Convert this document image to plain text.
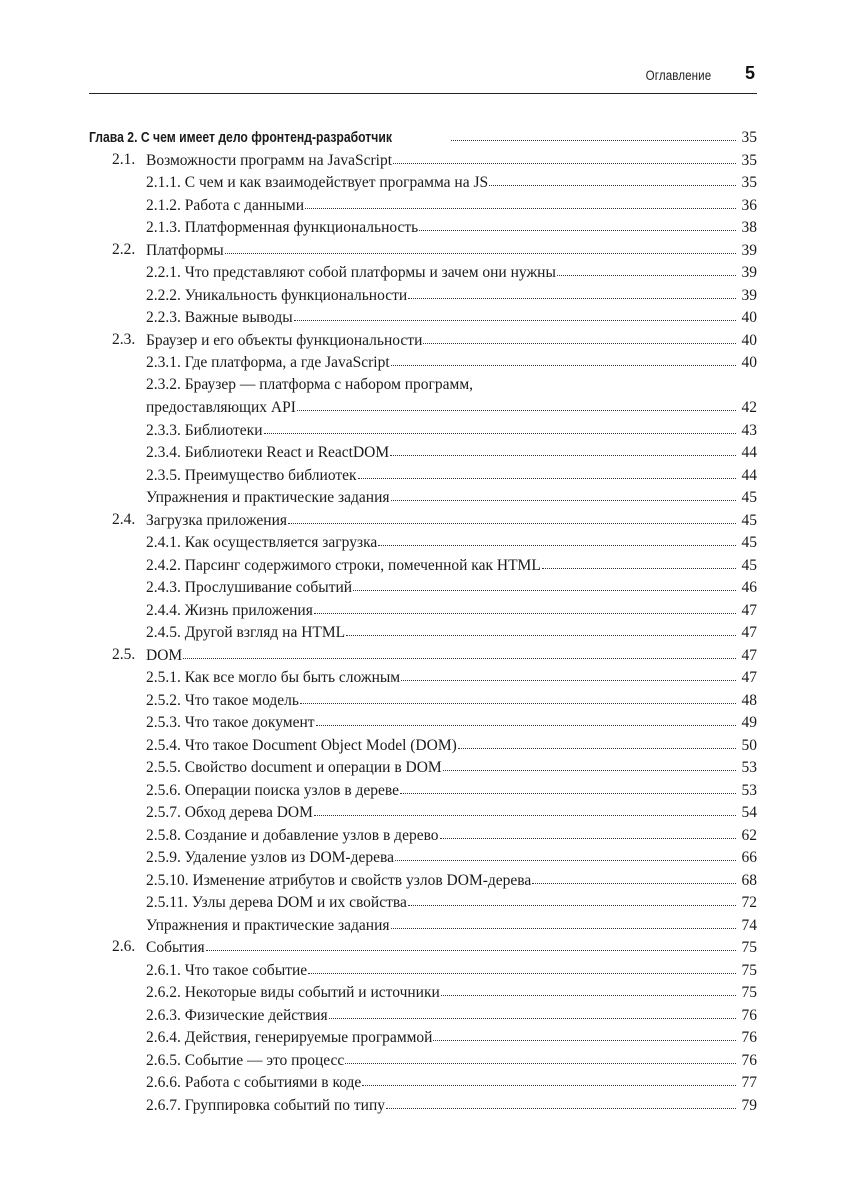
Оглавление 5
Глава 2. С чем имеет дело фронтенд-разработчик	35
2.1. Возможности программ на JavaScript	35
2.1.1. С чем и как взаимодействует программа на JS	35
2.1.2. Работа с данными	36
2.1.3. Платформенная функциональность	38
2.2. Платформы	39
2.2.1. Что представляют собой платформы и зачем они нужны	39
2.2.2. Уникальность функциональности	39
2.2.3. Важные выводы	40
2.3. Браузер и его объекты функциональности	40
2.3.1. Где платформа, а где JavaScript	40
2.3.2. Браузер — платформа с набором программ,
предоставляющих API	42
2.3.3. Библиотеки	43
2.3.4. Библиотеки React и ReactDOM	44
2.3.5. Преимущество библиотек	44
Упражнения и практические задания	45
2.4. Загрузка приложения	45
2.4.1. Как осуществляется загрузка	45
2.4.2. Парсинг содержимого строки, помеченной как HTML	45
2.4.3. Прослушивание событий	46
2.4.4. Жизнь приложения	47
2.4.5. Другой взгляд на HTML	47
2.5. DOM	47
2.5.1. Как все могло бы быть сложным	47
2.5.2. Что такое модель	48
2.5.3. Что такое документ	49
2.5.4. Что такое Document Object Model (DOM)	50
2.5.5. Свойство document и операции в DOM	53
2.5.6. Операции поиска узлов в дереве	53
2.5.7. Обход дерева DOM	54
2.5.8. Создание и добавление узлов в дерево	62
2.5.9. Удаление узлов из DOM-дерева	66
2.5.10. Изменение атрибутов и свойств узлов DOM-дерева	68
2.5.11. Узлы дерева DOM и их свойства	72
Упражнения и практические задания	74
2.6. События	75
2.6.1. Что такое событие	75
2.6.2. Некоторые виды событий и источники	75
2.6.3. Физические действия	76
2.6.4. Действия, генерируемые программой	76
2.6.5. Событие — это процесс	76
2.6.6. Работа с событиями в коде	77
2.6.7. Группировка событий по типу	79
